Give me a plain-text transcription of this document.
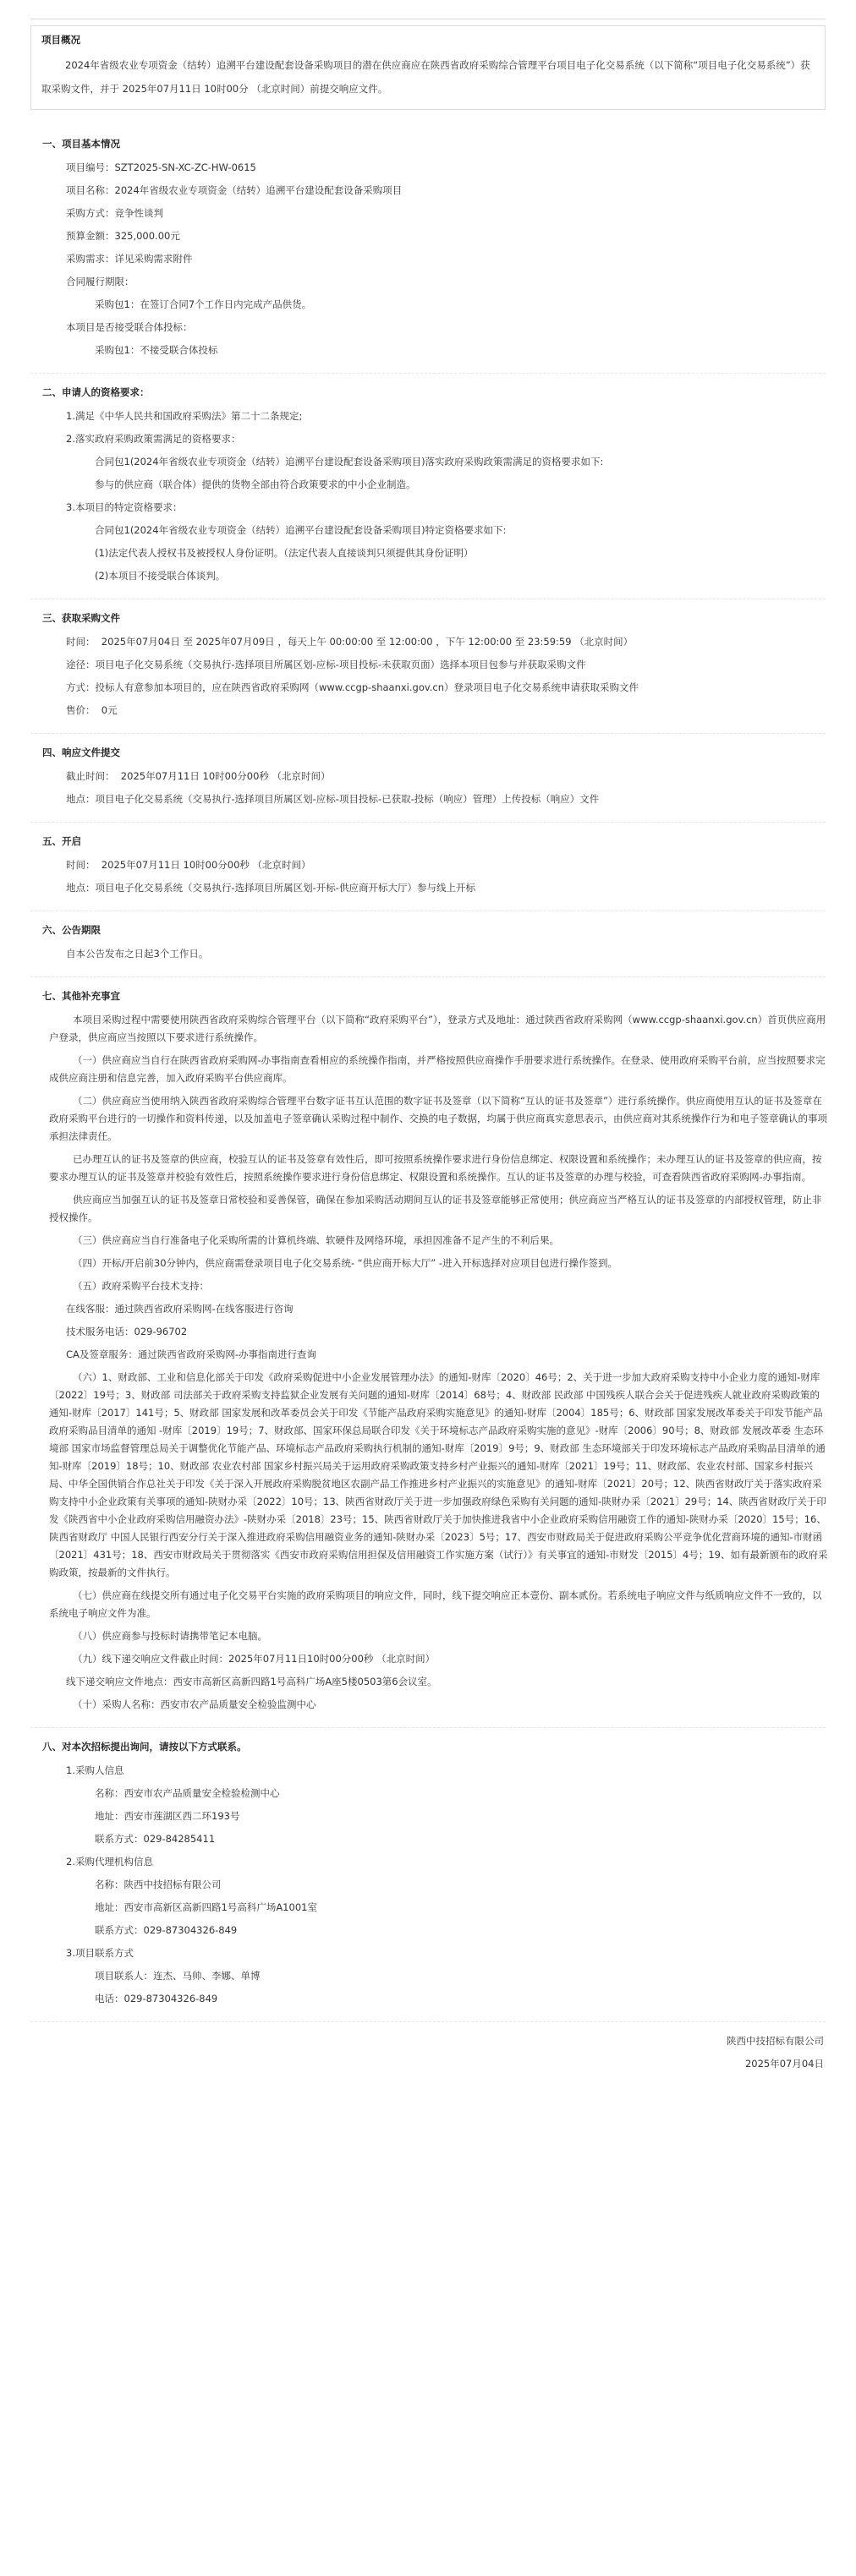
项目概况
2024年省级农业专项资金（结转）追溯平台建设配套设备采购项目的潜在供应商应在陕西省政府采购综合管理平台项目电子化交易系统（以下简称“项目电子化交易系统”）获取采购文件，并于 2025年07月11日 10时00分 （北京时间）前提交响应文件。
一、项目基本情况

项目编号：SZT2025-SN-XC-ZC-HW-0615

项目名称：2024年省级农业专项资金（结转）追溯平台建设配套设备采购项目

采购方式：竞争性谈判

预算金额：325,000.00元

采购需求：详见采购需求附件

合同履行期限：

采购包1：在签订合同7个工作日内完成产品供货。

本项目是否接受联合体投标：

采购包1：不接受联合体投标

二、申请人的资格要求：

1.满足《中华人民共和国政府采购法》第二十二条规定;

2.落实政府采购政策需满足的资格要求：

合同包1(2024年省级农业专项资金（结转）追溯平台建设配套设备采购项目)落实政府采购政策需满足的资格要求如下:

参与的供应商（联合体）提供的货物全部由符合政策要求的中小企业制造。

3.本项目的特定资格要求：

合同包1(2024年省级农业专项资金（结转）追溯平台建设配套设备采购项目)特定资格要求如下:

(1)法定代表人授权书及被授权人身份证明。（法定代表人直接谈判只须提供其身份证明）

(2)本项目不接受联合体谈判。

三、获取采购文件

时间：  2025年07月04日 至 2025年07月09日 ，每天上午 00:00:00 至 12:00:00 ，下午 12:00:00 至 23:59:59 （北京时间）

途径：项目电子化交易系统（交易执行-选择项目所属区划-应标-项目投标-未获取页面）选择本项目包参与并获取采购文件

方式：投标人有意参加本项目的，应在陕西省政府采购网（www.ccgp-shaanxi.gov.cn）登录项目电子化交易系统申请获取采购文件

售价：  0元

四、响应文件提交

截止时间：  2025年07月11日 10时00分00秒 （北京时间）

地点：项目电子化交易系统（交易执行-选择项目所属区划-应标-项目投标-已获取-投标（响应）管理）上传投标（响应）文件

五、开启

时间：  2025年07月11日 10时00分00秒 （北京时间）

地点：项目电子化交易系统（交易执行-选择项目所属区划-开标-供应商开标大厅）参与线上开标

六、公告期限

自本公告发布之日起3个工作日。

七、其他补充事宜

本项目采购过程中需要使用陕西省政府采购综合管理平台（以下简称“政府采购平台”），登录方式及地址：通过陕西省政府采购网（www.ccgp-shaanxi.gov.cn）首页供应商用户登录，供应商应当按照以下要求进行系统操作。

（一）供应商应当自行在陕西省政府采购网-办事指南查看相应的系统操作指南，并严格按照供应商操作手册要求进行系统操作。在登录、使用政府采购平台前，应当按照要求完成供应商注册和信息完善，加入政府采购平台供应商库。

（二）供应商应当使用纳入陕西省政府采购综合管理平台数字证书互认范围的数字证书及签章（以下简称“互认的证书及签章”）进行系统操作。供应商使用互认的证书及签章在政府采购平台进行的一切操作和资料传递，以及加盖电子签章确认采购过程中制作、交换的电子数据，均属于供应商真实意思表示，由供应商对其系统操作行为和电子签章确认的事项承担法律责任。

已办理互认的证书及签章的供应商，校验互认的证书及签章有效性后，即可按照系统操作要求进行身份信息绑定、权限设置和系统操作；未办理互认的证书及签章的供应商，按要求办理互认的证书及签章并校验有效性后，按照系统操作要求进行身份信息绑定、权限设置和系统操作。互认的证书及签章的办理与校验，可查看陕西省政府采购网-办事指南。

供应商应当加强互认的证书及签章日常校验和妥善保管，确保在参加采购活动期间互认的证书及签章能够正常使用；供应商应当严格互认的证书及签章的内部授权管理，防止非授权操作。

（三）供应商应当自行准备电子化采购所需的计算机终端、软硬件及网络环境，承担因准备不足产生的不利后果。

（四）开标/开启前30分钟内，供应商需登录项目电子化交易系统- “供应商开标大厅” -进入开标选择对应项目包进行操作签到。

（五）政府采购平台技术支持：

在线客服：通过陕西省政府采购网-在线客服进行咨询

技术服务电话：029-96702

CA及签章服务：通过陕西省政府采购网-办事指南进行查询

（六）1、财政部、工业和信息化部关于印发《政府采购促进中小企业发展管理办法》的通知-财库〔2020〕46号；2、关于进一步加大政府采购支持中小企业力度的通知-财库〔2022〕19号；3、财政部 司法部关于政府采购支持监狱企业发展有关问题的通知-财库〔2014〕68号；4、财政部 民政部 中国残疾人联合会关于促进残疾人就业政府采购政策的通知-财库〔2017〕141号；5、财政部 国家发展和改革委员会关于印发《节能产品政府采购实施意见》的通知-财库〔2004〕185号；6、财政部 国家发展改革委关于印发节能产品政府采购品目清单的通知 -财库〔2019〕19号；7、财政部、国家环保总局联合印发《关于环境标志产品政府采购实施的意见》-财库〔2006〕90号；8、财政部 发展改革委 生态环境部 国家市场监督管理总局关于调整优化节能产品、环境标志产品政府采购执行机制的通知-财库〔2019〕9号；9、财政部 生态环境部关于印发环境标志产品政府采购品目清单的通知-财库〔2019〕18号；10、财政部 农业农村部 国家乡村振兴局关于运用政府采购政策支持乡村产业振兴的通知-财库〔2021〕19号；11、财政部、农业农村部、国家乡村振兴局、中华全国供销合作总社关于印发《关于深入开展政府采购脱贫地区农副产品工作推进乡村产业振兴的实施意见》的通知-财库〔2021〕20号；12、陕西省财政厅关于落实政府采购支持中小企业政策有关事项的通知-陕财办采〔2022〕10号；13、陕西省财政厅关于进一步加强政府绿色采购有关问题的通知-陕财办采〔2021〕29号；14、陕西省财政厅关于印发《陕西省中小企业政府采购信用融资办法》-陕财办采〔2018〕23号；15、陕西省财政厅关于加快推进我省中小企业政府采购信用融资工作的通知-陕财办采〔2020〕15号；16、陕西省财政厅 中国人民银行西安分行关于深入推进政府采购信用融资业务的通知-陕财办采〔2023〕5号；17、西安市财政局关于促进政府采购公平竞争优化营商环境的通知-市财函〔2021〕431号；18、西安市财政局关于贯彻落实《西安市政府采购信用担保及信用融资工作实施方案（试行）》有关事宜的通知-市财发〔2015〕4号；19、如有最新颁布的政府采购政策，按最新的文件执行。

（七）供应商在线提交所有通过电子化交易平台实施的政府采购项目的响应文件，同时，线下提交响应正本壹份、副本贰份。若系统电子响应文件与纸质响应文件不一致的，以系统电子响应文件为准。

（八）供应商参与投标时请携带笔记本电脑。

（九）线下递交响应文件截止时间：2025年07月11日10时00分00秒 （北京时间）

线下递交响应文件地点：西安市高新区高新四路1号高科广场A座5楼0503第6会议室。

（十）采购人名称：西安市农产品质量安全检验监测中心

八、对本次招标提出询问，请按以下方式联系。

1.采购人信息

名称：西安市农产品质量安全检验检测中心

地址：西安市莲湖区西二环193号

联系方式：029-84285411

2.采购代理机构信息

名称：陕西中技招标有限公司

地址：西安市高新区高新四路1号高科广场A1001室

联系方式：029-87304326-849

3.项目联系方式

项目联系人：连杰、马帅、李娜、单博

电话：029-87304326-849

陕西中技招标有限公司

2025年07月04日
